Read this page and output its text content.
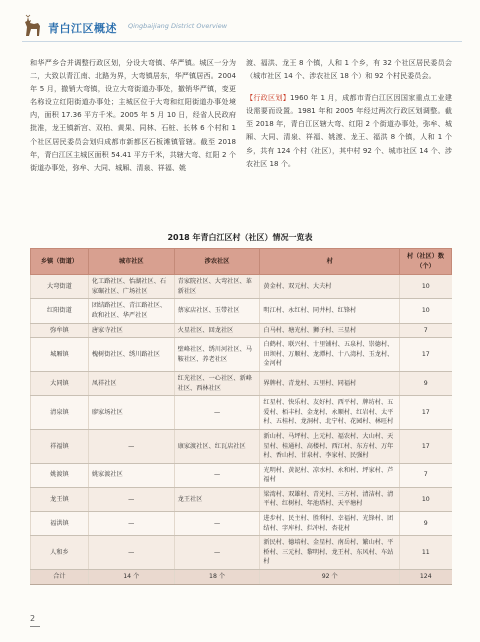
青白江区概述 Qingbaijiang District Overview

和华严乡合并调整行政区划，分设大弯镇、华严镇。城区一分为二，大致以青江南、北路为界，大弯镇居东，华严镇居西。2004 年 5 月，撤销大弯镇，设立大弯街道办事处，撤销华严镇，变更名称设立红阳街道办事处；主城区位于大弯和红阳街道办事处境内，面积 17.36 平方千米。2005 年 5 月 10 日，经省人民政府批准，龙王镇新宫、双柏、黄果、同林、石桩、长林 6 个村和 1 个社区居民委员会划归成都市新都区石板滩镇管辖。截至 2018 年，青白江区主城区面积 54.41 平方千米，共辖大弯、红阳 2 个街道办事处，弥牟、大同、城厢、清泉、祥福、姚

渡、福洪、龙王 8 个镇，人和 1 个乡，有 32 个社区居民委员会（城市社区 14 个、涉农社区 18 个）和 92 个村民委员会。

【行政区划】1960 年 1 月，成都市青白江区因国家重点工业建设需要而设置。1981 年和 2005 年经过两次行政区划调整。截至 2018 年，青白江区辖大弯、红阳 2 个街道办事处，弥牟、城厢、大同、清泉、祥福、姚渡、龙王、福洪 8 个镇，人和 1 个乡，共有 124 个村（社区），其中村 92 个、城市社区 14 个、涉农社区 18 个。

2018 年青白江区村（社区）情况一览表
乡镇（街道）	城市社区	涉农社区	村	村（社区）数（个）
大弯街道	化工路社区、怡湖社区、石家碾社区、广场社区	青家院社区、大弯社区、革新社区	黄金村、双元村、大夫村	10
红阳街道	团结路社区、青江路社区、政和社区、华严社区	蔡家店社区、玉带社区	明江村、永红村、同井村、红锋村	10
弥牟镇	唐家寺社区	火星社区、回龙社区	白马村、塘光村、狮子村、三星村	7
城厢镇	槐树街社区、绣川路社区	壁峰社区、绣川河社区、马鞍社区、养老社区	白鹤村、联兴村、十里铺村、五泉村、崇德村、田坝村、万顺村、龙潭村、十八湾村、玉龙村、金河村	17
大同镇	凤祥社区	红光社区、一心社区、新峰社区、西林社区	界牌村、青龙村、五里村、同福村	9
清泉镇	廖家场社区	—	红星村、快乐村、友好村、西平村、牌坊村、五爱村、栢丰村、金龙村、永顺村、红岩村、太平村、五桂村、龙洞村、北宁村、花园村、林旺村	17
祥福镇	—	康家渡社区、红瓦店社区	新山村、马坪村、上元村、福农村、大山村、天星村、桂通村、高楼村、西江村、东方村、万年村、香山村、甘泉村、李家村、民强村	17
姚渡镇	姚家渡社区	—	光明村、黄泥村、凉水村、永和村、坪家村、芦福村	7
龙王镇	—	龙王社区	梁湾村、双雄村、青光村、三方村、清洁村、清平村、红树村、年池塔村、天平塘村	10
福洪镇	—	—	进步村、民主村、胜利村、幸福村、光锋村、团结村、字库村、拦冲村、杏花村	9
人和乡	—	—	新民村、德培村、金星村、南岳村、繁山村、平桥村、三元村、黎明村、龙王村、东风村、车站村	11
合计	14 个	18 个	92 个	124
2
